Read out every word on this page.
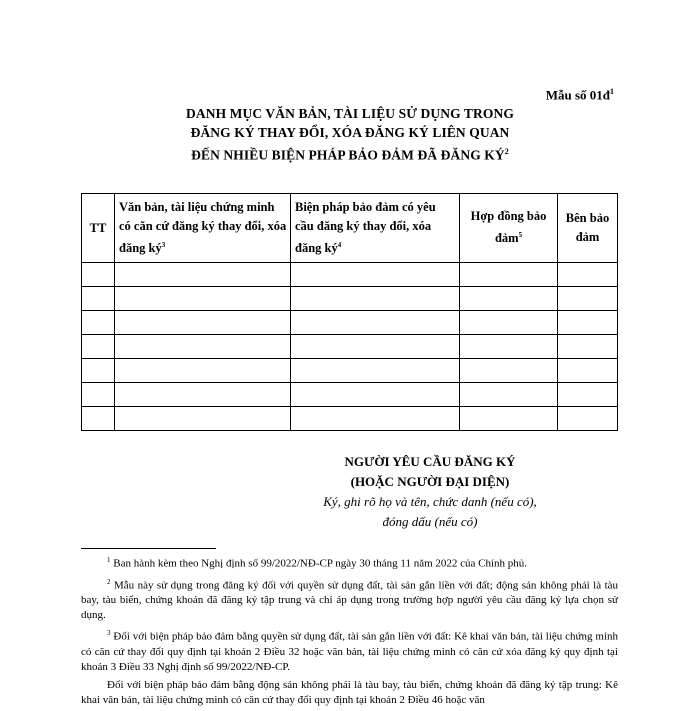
Mẫu số $01đ^1$
DANH MỤC VĂN BẢN, TÀI LIỆU SỬ DỤNG TRONG
ĐĂNG KÝ THAY ĐỔI, XÓA ĐĂNG KÝ LIÊN QUAN
ĐẾN NHIỀU BIỆN PHÁP BẢO ĐẢM ĐÃ ĐĂNG $KÝ^2$
TT	Văn bản, tài liệu chứng minh có căn cứ đăng ký thay đổi, xóa đăng $ký^3$	Biện pháp bảo đảm có yêu cầu đăng ký thay đổi, xóa đăng $ký^4$	Hợp đồng bảo đảm$^5$	Bên bảo đảm

NGƯỜI YÊU CẦU ĐĂNG KÝ
(HOẶC NGƯỜI ĐẠI DIỆN)
Ký, ghi rõ họ và tên, chức danh (nếu có),
đóng dấu (nếu có)

$^1$ Ban hành kèm theo Nghị định số 99/2022/NĐ-CP ngày 30 tháng 11 năm 2022 của Chính phủ.

$^2$ Mẫu này sử dụng trong đăng ký đối với quyền sử dụng đất, tài sản gắn liền với đất; động sản không phải là tàu bay, tàu biển, chứng khoán đã đăng ký tập trung và chỉ áp dụng trong trường hợp người yêu cầu đăng ký lựa chọn sử dụng.

$^3$ Đối với biện pháp bảo đảm bằng quyền sử dụng đất, tài sản gắn liền với đất: Kê khai văn bản, tài liệu chứng minh có căn cứ thay đổi quy định tại khoản 2 Điều 32 hoặc văn bản, tài liệu chứng minh có căn cứ xóa đăng ký quy định tại khoản 3 Điều 33 Nghị định số 99/2022/NĐ-CP.

Đối với biện pháp bảo đảm bằng động sản không phải là tàu bay, tàu biển, chứng khoán đã đăng ký tập trung: Kê khai văn bản, tài liệu chứng minh có căn cứ thay đổi quy định tại khoản 2 Điều 46 hoặc văn
